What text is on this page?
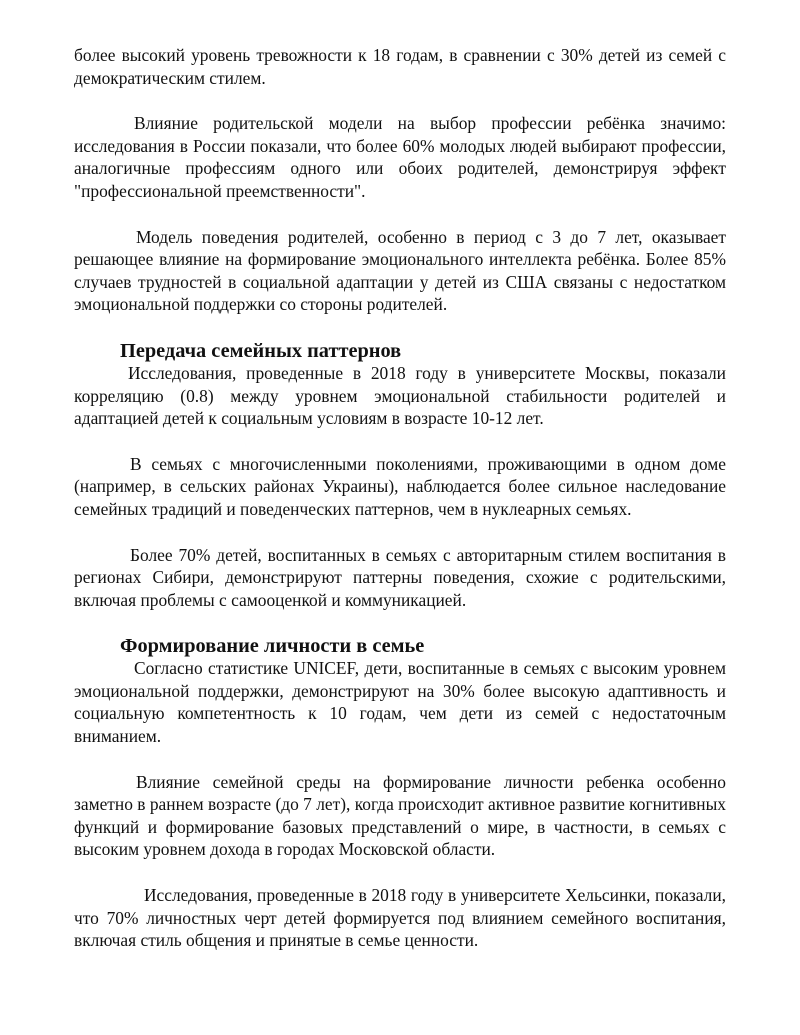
более высокий уровень тревожности к 18 годам, в сравнении с 30% детей из семей с демократическим стилем.

Влияние родительской модели на выбор профессии ребёнка значимо: исследования в России показали, что более 60% молодых людей выбирают профессии, аналогичные профессиям одного или обоих родителей, демонстрируя эффект "профессиональной преемственности".

Модель поведения родителей, особенно в период с 3 до 7 лет, оказывает решающее влияние на формирование эмоционального интеллекта ребёнка. Более 85% случаев трудностей в социальной адаптации у детей из США связаны с недостатком эмоциональной поддержки со стороны родителей.

Передача семейных паттернов

Исследования, проведенные в 2018 году в университете Москвы, показали корреляцию (0.8) между уровнем эмоциональной стабильности родителей и адаптацией детей к социальным условиям в возрасте 10-12 лет.

В семьях с многочисленными поколениями, проживающими в одном доме (например, в сельских районах Украины), наблюдается более сильное наследование семейных традиций и поведенческих паттернов, чем в нуклеарных семьях.

Более 70% детей, воспитанных в семьях с авторитарным стилем воспитания в регионах Сибири, демонстрируют паттерны поведения, схожие с родительскими, включая проблемы с самооценкой и коммуникацией.

Формирование личности в семье

Согласно статистике UNICEF, дети, воспитанные в семьях с высоким уровнем эмоциональной поддержки, демонстрируют на 30% более высокую адаптивность и социальную компетентность к 10 годам, чем дети из семей с недостаточным вниманием.

Влияние семейной среды на формирование личности ребенка особенно заметно в раннем возрасте (до 7 лет), когда происходит активное развитие когнитивных функций и формирование базовых представлений о мире, в частности, в семьях с высоким уровнем дохода в городах Московской области.

Исследования, проведенные в 2018 году в университете Хельсинки, показали, что 70% личностных черт детей формируется под влиянием семейного воспитания, включая стиль общения и принятые в семье ценности.
